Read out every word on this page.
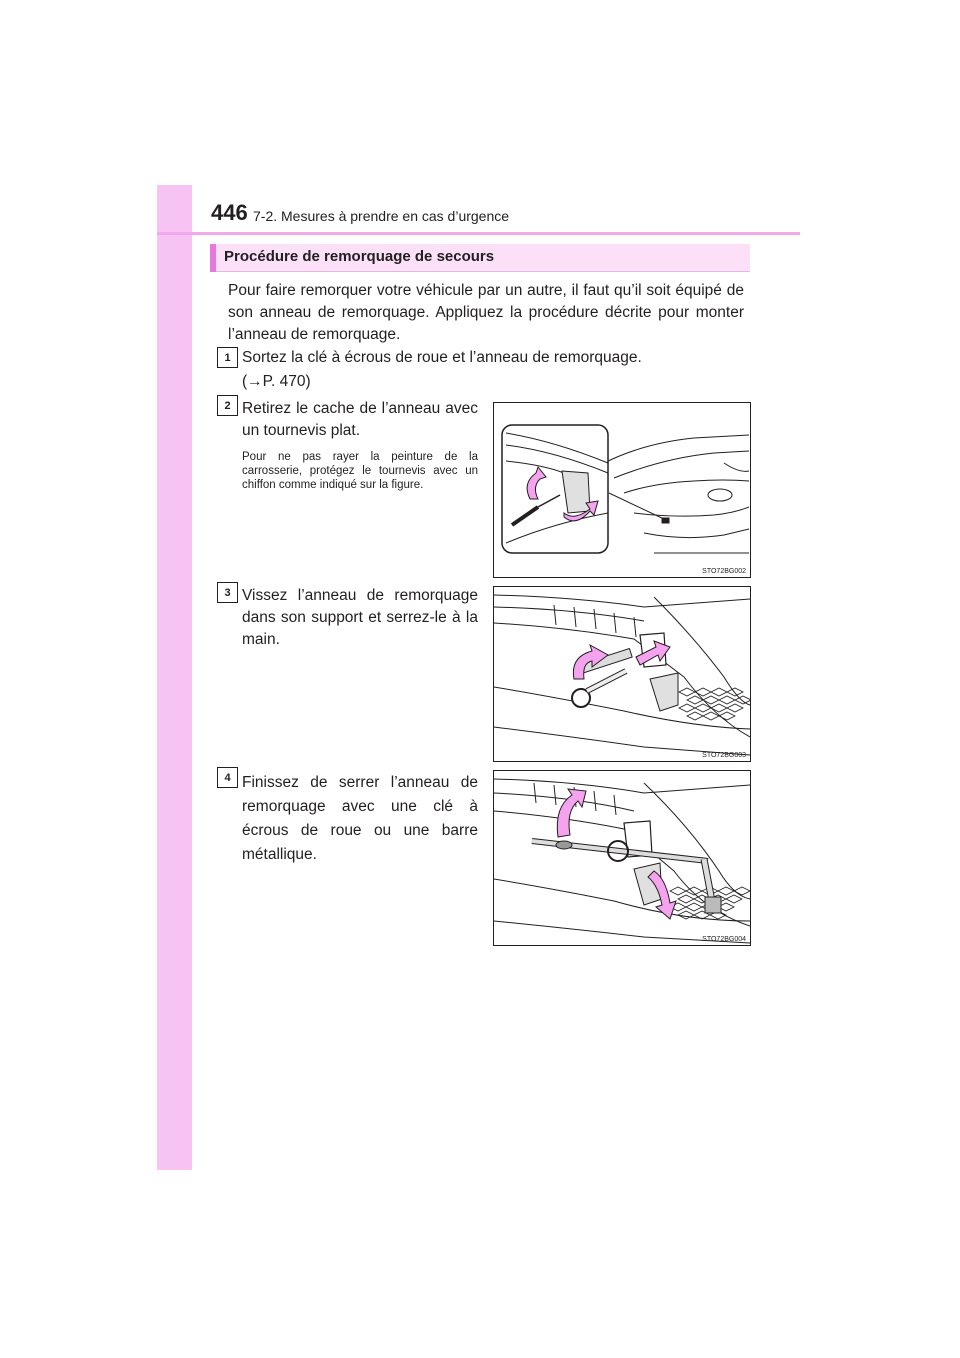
446 7-2. Mesures à prendre en cas d’urgence
Procédure de remorquage de secours
Pour faire remorquer votre véhicule par un autre, il faut qu’il soit équipé de son anneau de remorquage. Appliquez la procédure décrite pour monter l’anneau de remorquage.
1 Sortez la clé à écrous de roue et l’anneau de remorquage.
(→P. 470)
2 Retirez le cache de l’anneau avec un tournevis plat.
Pour ne pas rayer la peinture de la carrosserie, protégez le tournevis avec un chiffon comme indiqué sur la figure.
STO72BG002
3 Vissez l’anneau de remorquage dans son support et serrez-le à la main.
STO72BG003
4 Finissez de serrer l’anneau de remorquage avec une clé à écrous de roue ou une barre métallique.
STO72BG004
